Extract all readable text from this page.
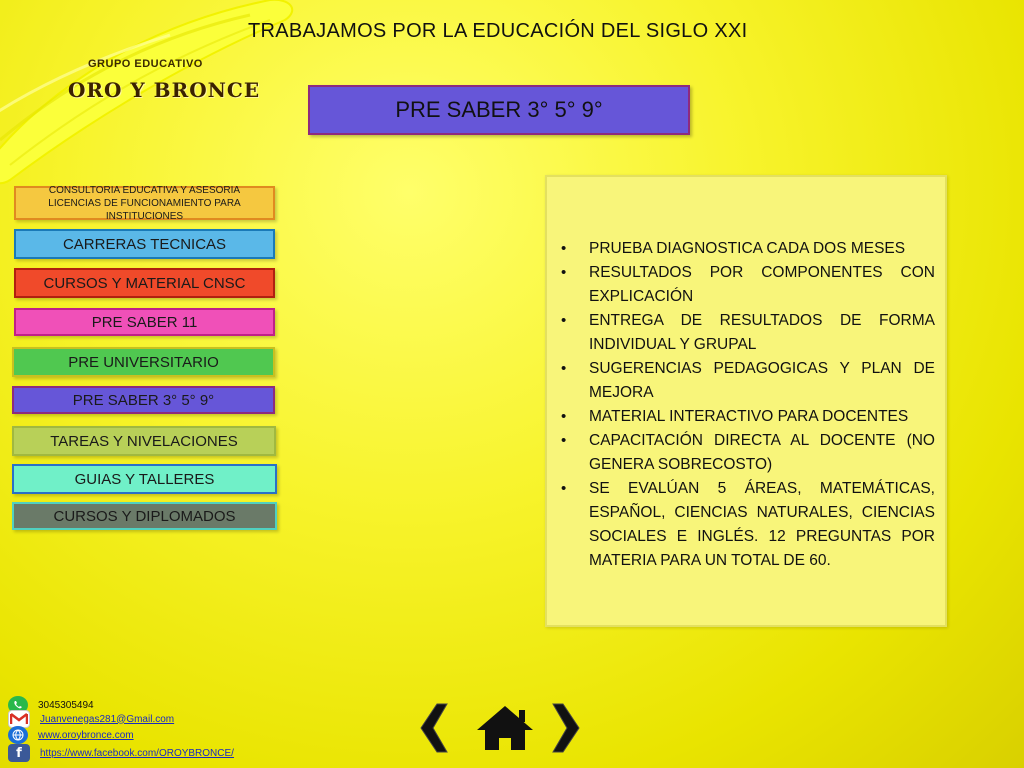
GRUPO EDUCATIVO
ORO Y BRONCE
TRABAJAMOS POR LA EDUCACIÓN DEL SIGLO XXI
PRE SABER 3° 5° 9°
CONSULTORIA EDUCATIVA Y ASESORIA LICENCIAS DE FUNCIONAMIENTO PARA INSTITUCIONES
CARRERAS TECNICAS
CURSOS Y MATERIAL CNSC
PRE SABER 11
PRE UNIVERSITARIO
PRE SABER 3° 5° 9°
TAREAS Y NIVELACIONES
GUIAS Y TALLERES
CURSOS Y DIPLOMADOS
• PRUEBA DIAGNOSTICA CADA DOS MESES
• RESULTADOS POR COMPONENTES CON EXPLICACIÓN
• ENTREGA DE RESULTADOS DE FORMA INDIVIDUAL Y GRUPAL
• SUGERENCIAS PEDAGOGICAS Y PLAN DE MEJORA
• MATERIAL INTERACTIVO PARA DOCENTES
• CAPACITACIÓN DIRECTA AL DOCENTE (NO GENERA SOBRECOSTO)
• SE EVALÚAN 5 ÁREAS, MATEMÁTICAS, ESPAÑOL, CIENCIAS NATURALES, CIENCIAS SOCIALES E INGLÉS. 12 PREGUNTAS POR MATERIA PARA UN TOTAL DE 60.
3045305494
Juanvenegas281@Gmail.com
www.oroybronce.com
f https://www.facebook.com/OROYBRONCE/
